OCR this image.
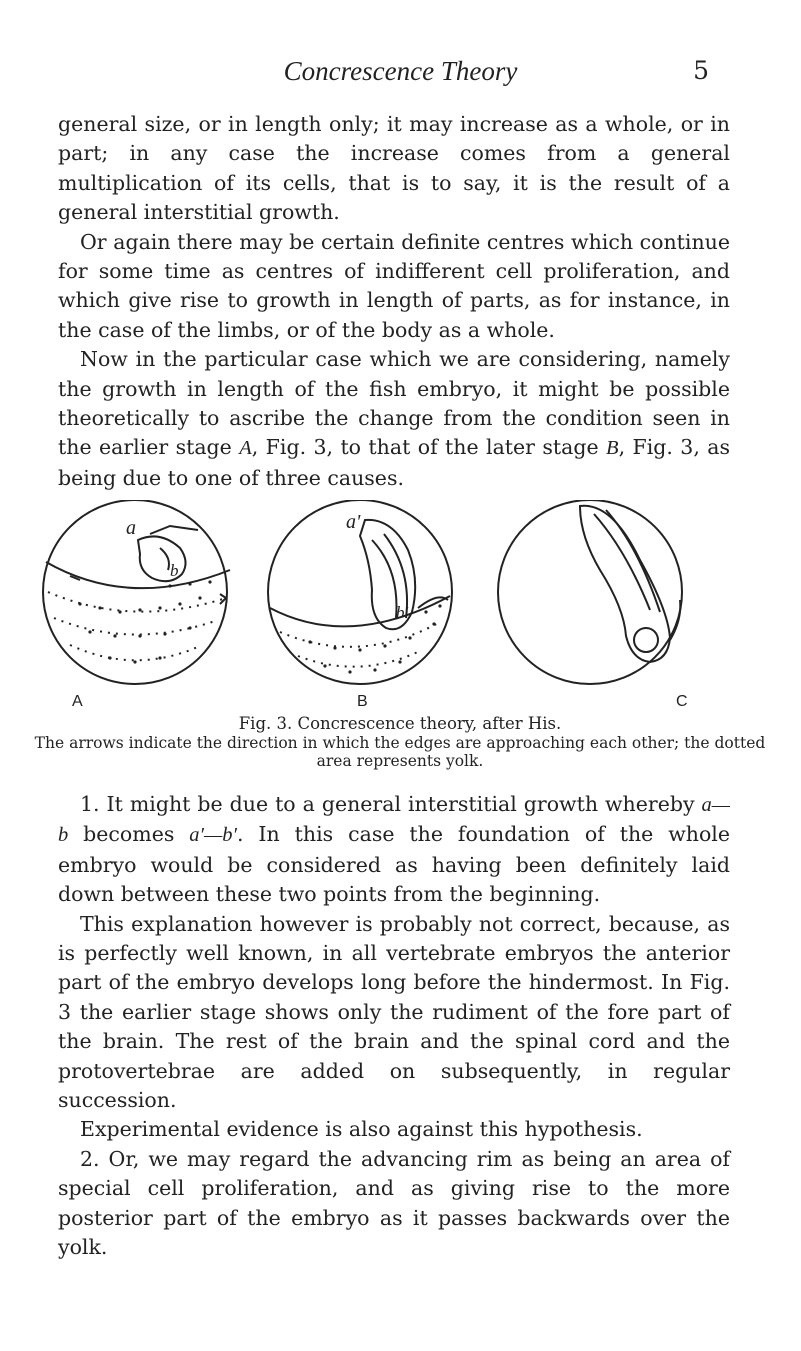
Concrescence Theory	5

general size, or in length only; it may increase as a whole, or in part; in any case the increase comes from a general multiplication of its cells, that is to say, it is the result of a general interstitial growth.

Or again there may be certain definite centres which continue for some time as centres of indifferent cell proliferation, and which give rise to growth in length of parts, as for instance, in the case of the limbs, or of the body as a whole.

Now in the particular case which we are considering, namely the growth in length of the fish embryo, it might be possible theoretically to ascribe the change from the condition seen in the earlier stage A, Fig. 3, to that of the later stage B, Fig. 3, as being due to one of three causes.

a
b
a'
b'
A	B	C
Fig. 3. Concrescence theory, after His.
The arrows indicate the direction in which the edges are approaching each other; the dotted area represents yolk.

1. It might be due to a general interstitial growth whereby a—b becomes a′—b′. In this case the foundation of the whole embryo would be considered as having been definitely laid down between these two points from the beginning.

This explanation however is probably not correct, because, as is perfectly well known, in all vertebrate embryos the anterior part of the embryo develops long before the hindermost. In Fig. 3 the earlier stage shows only the rudiment of the fore part of the brain. The rest of the brain and the spinal cord and the protovertebrae are added on subsequently, in regular succession.

Experimental evidence is also against this hypothesis.

2. Or, we may regard the advancing rim as being an area of special cell proliferation, and as giving rise to the more posterior part of the embryo as it passes backwards over the yolk.
